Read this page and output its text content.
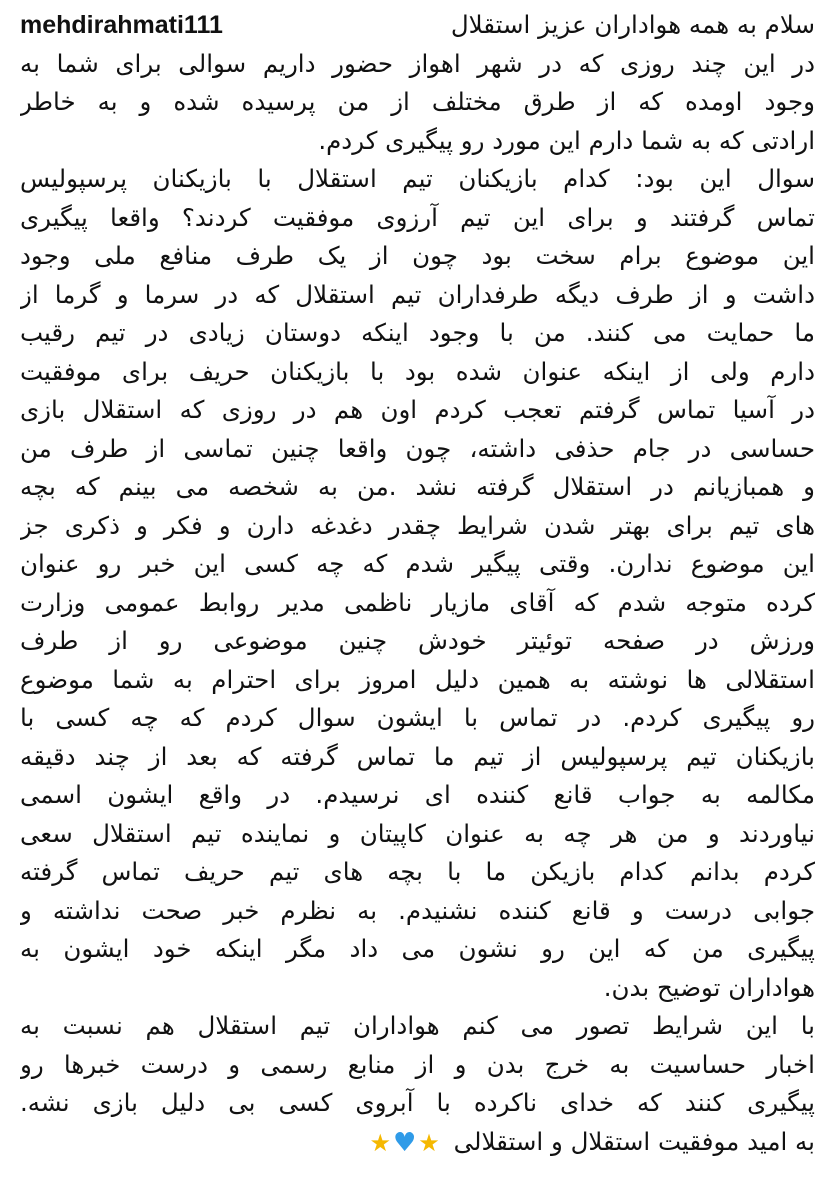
سلام به همه هواداران عزیز استقلال
mehdirahmati111
در این چند روزی که در شهر اهواز حضور داریم سوالی برای شما به
وجود اومده که از طرق مختلف از من پرسیده شده و به خاطر
ارادتی که به شما دارم این مورد رو پیگیری کردم.
سوال این بود: کدام بازیکنان تیم استقلال با بازیکنان پرسپولیس
تماس گرفتند و برای این تیم آرزوی موفقیت کردند؟ واقعا پیگیری
این موضوع برام سخت بود چون از یک طرف منافع ملی وجود
داشت و از طرف دیگه طرفداران تیم استقلال که در سرما و گرما از
ما حمایت می کنند. من با وجود اینکه دوستان زیادی در تیم رقیب
دارم ولی از اینکه عنوان شده بود با بازیکنان حریف برای موفقیت
در آسیا تماس گرفتم تعجب کردم اون هم در روزی که استقلال بازی
حساسی در جام حذفی داشته، چون واقعا چنین تماسی از طرف من
و همبازیانم در استقلال گرفته نشد .من به شخصه می بینم که بچه
های تیم برای بهتر شدن شرایط چقدر دغدغه دارن و فکر و ذکری جز
این موضوع ندارن. وقتی پیگیر شدم که چه کسی این خبر رو عنوان
کرده متوجه شدم که آقای مازیار ناظمی مدیر روابط عمومی وزارت
ورزش در صفحه توئیتر خودش چنین موضوعی رو از طرف
استقلالی ها نوشته به همین دلیل امروز برای احترام به شما موضوع
رو پیگیری کردم. در تماس با ایشون سوال کردم که چه کسی با
بازیکنان تیم پرسپولیس از تیم ما تماس گرفته که بعد از چند دقیقه
مکالمه به جواب قانع کننده ای نرسیدم. در واقع ایشون اسمی
نیاوردند و من هر چه به عنوان کاپیتان و نماینده تیم استقلال سعی
کردم بدانم کدام بازیکن ما با بچه های تیم حریف تماس گرفته
جوابی درست و قانع کننده نشنیدم. به نظرم خبر صحت نداشته و
پیگیری من که این رو نشون می داد مگر اینکه خود ایشون به
هواداران توضیح بدن.
با این شرایط تصور می کنم هواداران تیم استقلال هم نسبت به
اخبار حساسیت به خرج بدن و از منابع رسمی و درست خبرها رو
پیگیری کنند که خدای ناکرده با آبروی کسی بی دلیل بازی نشه.
به امید موفقیت استقلال و استقلالی
★ ♥ ★
